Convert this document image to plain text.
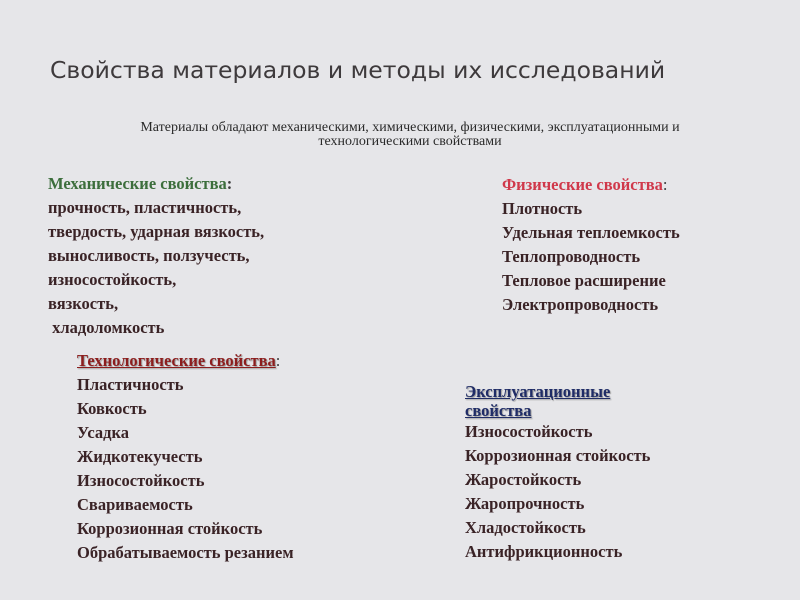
Свойства материалов и методы их исследований
Материалы обладают механическими, химическими, физическими, эксплуатационными и
технологическими свойствами
Механические свойства:
прочность, пластичность,
твердость, ударная вязкость,
выносливость, ползучесть,
износостойкость,
вязкость,
хладоломкость
Физические свойства:
Плотность
Удельная теплоемкость
Теплопроводность
Тепловое расширение
Электропроводность
Технологические свойства:
Пластичность
Ковкость
Усадка
Жидкотекучесть
Износостойкость
Свариваемость
Коррозионная стойкость
Обрабатываемость резанием
Эксплуатационные
свойства
Износостойкость
Коррозионная стойкость
Жаростойкость
Жаропрочность
Хладостойкость
Антифрикционность
